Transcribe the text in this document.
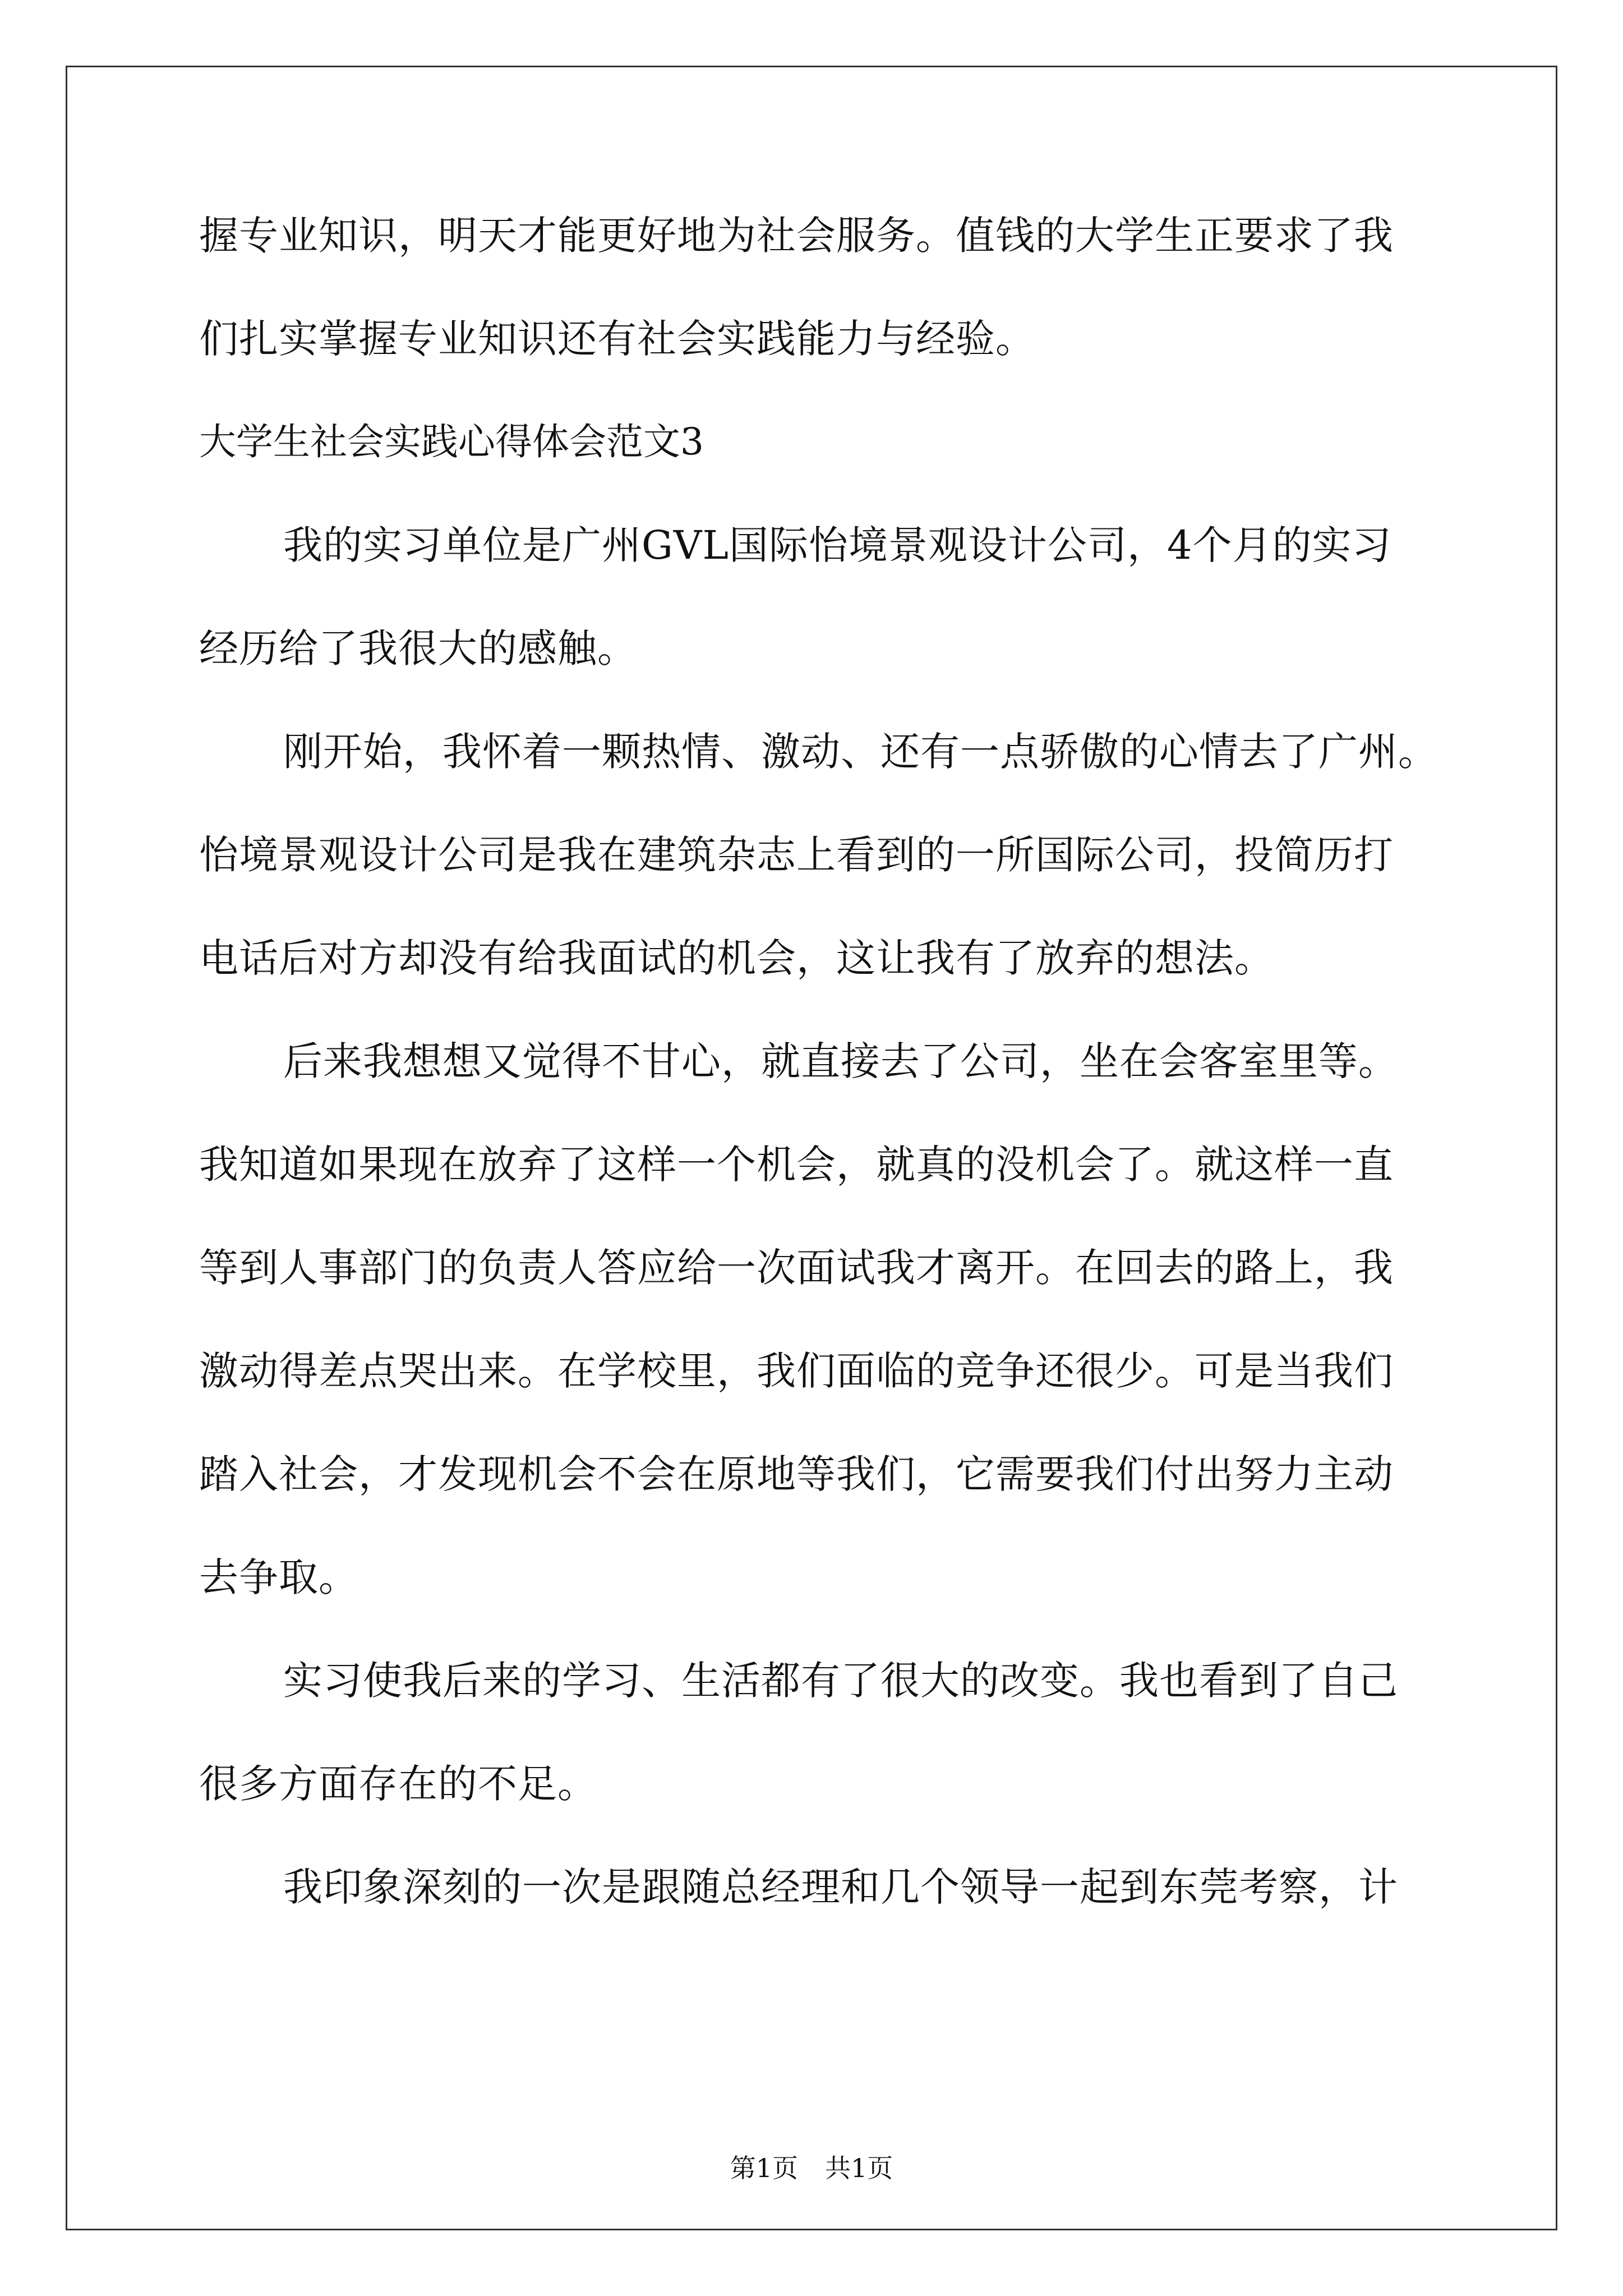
握专业知识，明天才能更好地为社会服务。值钱的大学生正要求了我
们扎实掌握专业知识还有社会实践能力与经验。
大学生社会实践心得体会范文3
我的实习单位是广州GVL国际怡境景观设计公司，4个月的实习
经历给了我很大的感触。
刚开始，我怀着一颗热情、激动、还有一点骄傲的心情去了广州。
怡境景观设计公司是我在建筑杂志上看到的一所国际公司，投简历打
电话后对方却没有给我面试的机会，这让我有了放弃的想法。
后来我想想又觉得不甘心，就直接去了公司，坐在会客室里等。
我知道如果现在放弃了这样一个机会，就真的没机会了。就这样一直
等到人事部门的负责人答应给一次面试我才离开。在回去的路上，我
激动得差点哭出来。在学校里，我们面临的竞争还很少。可是当我们
踏入社会，才发现机会不会在原地等我们，它需要我们付出努力主动
去争取。
实习使我后来的学习、生活都有了很大的改变。我也看到了自己
很多方面存在的不足。
我印象深刻的一次是跟随总经理和几个领导一起到东莞考察，计
第1页 共1页
